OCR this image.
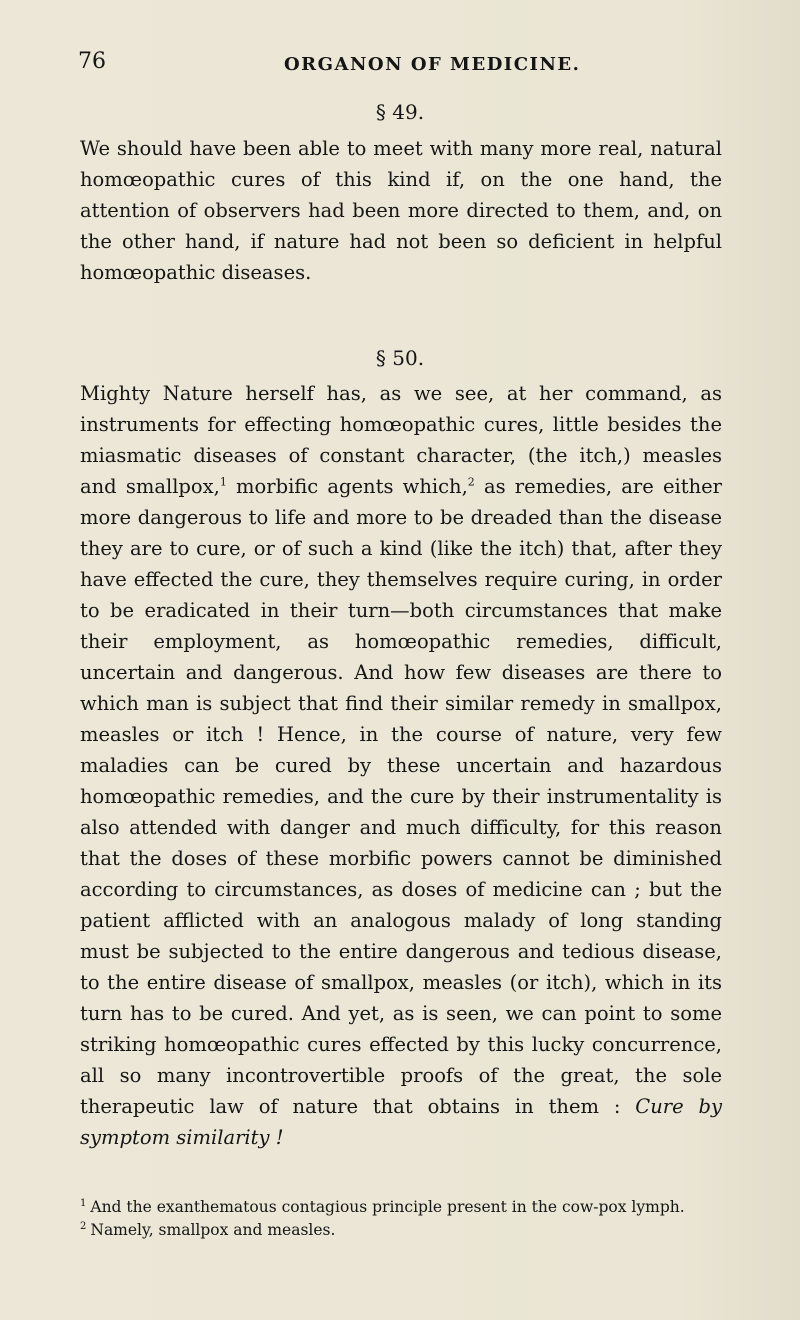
76	ORGANON OF MEDICINE.
§ 49.
We should have been able to meet with many more real, natural homœopathic cures of this kind if, on the one hand, the attention of observers had been more directed to them, and, on the other hand, if nature had not been so deficient in helpful homœopathic diseases.
§ 50.
Mighty Nature herself has, as we see, at her command, as instruments for effecting homœopathic cures, little besides the miasmatic diseases of constant character, (the itch,) measles and smallpox,$^1$ morbific agents which,$^2$ as remedies, are either more dangerous to life and more to be dreaded than the disease they are to cure, or of such a kind (like the itch) that, after they have effected the cure, they themselves require curing, in order to be eradicated in their turn—both circumstances that make their employment, as homœopathic remedies, difficult, uncertain and dangerous. And how few diseases are there to which man is subject that find their similar remedy in smallpox, measles or itch ! Hence, in the course of nature, very few maladies can be cured by these uncertain and hazardous homœopathic remedies, and the cure by their instrumentality is also attended with danger and much difficulty, for this reason that the doses of these morbific powers cannot be diminished according to circumstances, as doses of medicine can ; but the patient afflicted with an analogous malady of long standing must be subjected to the entire dangerous and tedious disease, to the entire disease of smallpox, measles (or itch), which in its turn has to be cured. And yet, as is seen, we can point to some striking homœopathic cures effected by this lucky concurrence, all so many incontrovertible proofs of the great, the sole therapeutic law of nature that obtains in them : Cure by symptom similarity !
$^1$ And the exanthematous contagious principle present in the cow-pox lymph.
$^2$ Namely, smallpox and measles.
